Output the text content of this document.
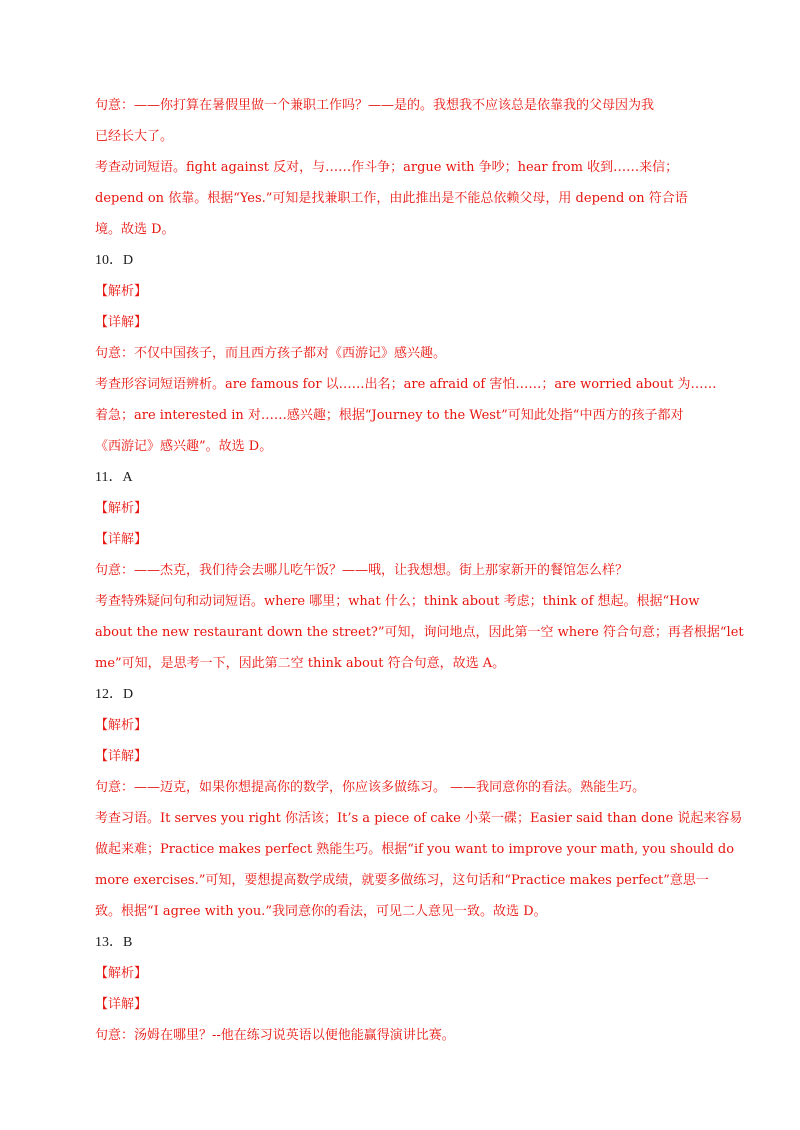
句意：——你打算在暑假里做一个兼职工作吗？——是的。我想我不应该总是依靠我的父母因为我
已经长大了。
考查动词短语。fight against 反对，与……作斗争；argue with 争吵；hear from 收到……来信；
depend on 依靠。根据“Yes.”可知是找兼职工作，由此推出是不能总依赖父母，用 depend on 符合语
境。故选 D。
10．D
【解析】
【详解】
句意：不仅中国孩子，而且西方孩子都对《西游记》感兴趣。
考查形容词短语辨析。are famous for 以……出名；are afraid of 害怕……；are worried about 为……
着急；are interested in 对……感兴趣；根据“Journey to the West”可知此处指“中西方的孩子都对
《西游记》感兴趣”。故选 D。
11．A
【解析】
【详解】
句意：——杰克，我们待会去哪儿吃午饭？——哦，让我想想。街上那家新开的餐馆怎么样？
考查特殊疑问句和动词短语。where 哪里；what 什么；think about 考虑；think of 想起。根据“How
about the new restaurant down the street?”可知，询问地点，因此第一空 where 符合句意；再者根据“let
me”可知，是思考一下，因此第二空 think about 符合句意，故选 A。
12．D
【解析】
【详解】
句意：——迈克，如果你想提高你的数学，你应该多做练习。 ——我同意你的看法。熟能生巧。
考查习语。It serves you right 你活该；It’s a piece of cake 小菜一碟；Easier said than done 说起来容易
做起来难；Practice makes perfect 熟能生巧。根据“if you want to improve your math, you should do
more exercises.”可知，要想提高数学成绩，就要多做练习，这句话和“Practice makes perfect”意思一
致。根据“I agree with you.”我同意你的看法，可见二人意见一致。故选 D。
13．B
【解析】
【详解】
句意：汤姆在哪里？--他在练习说英语以便他能赢得演讲比赛。
